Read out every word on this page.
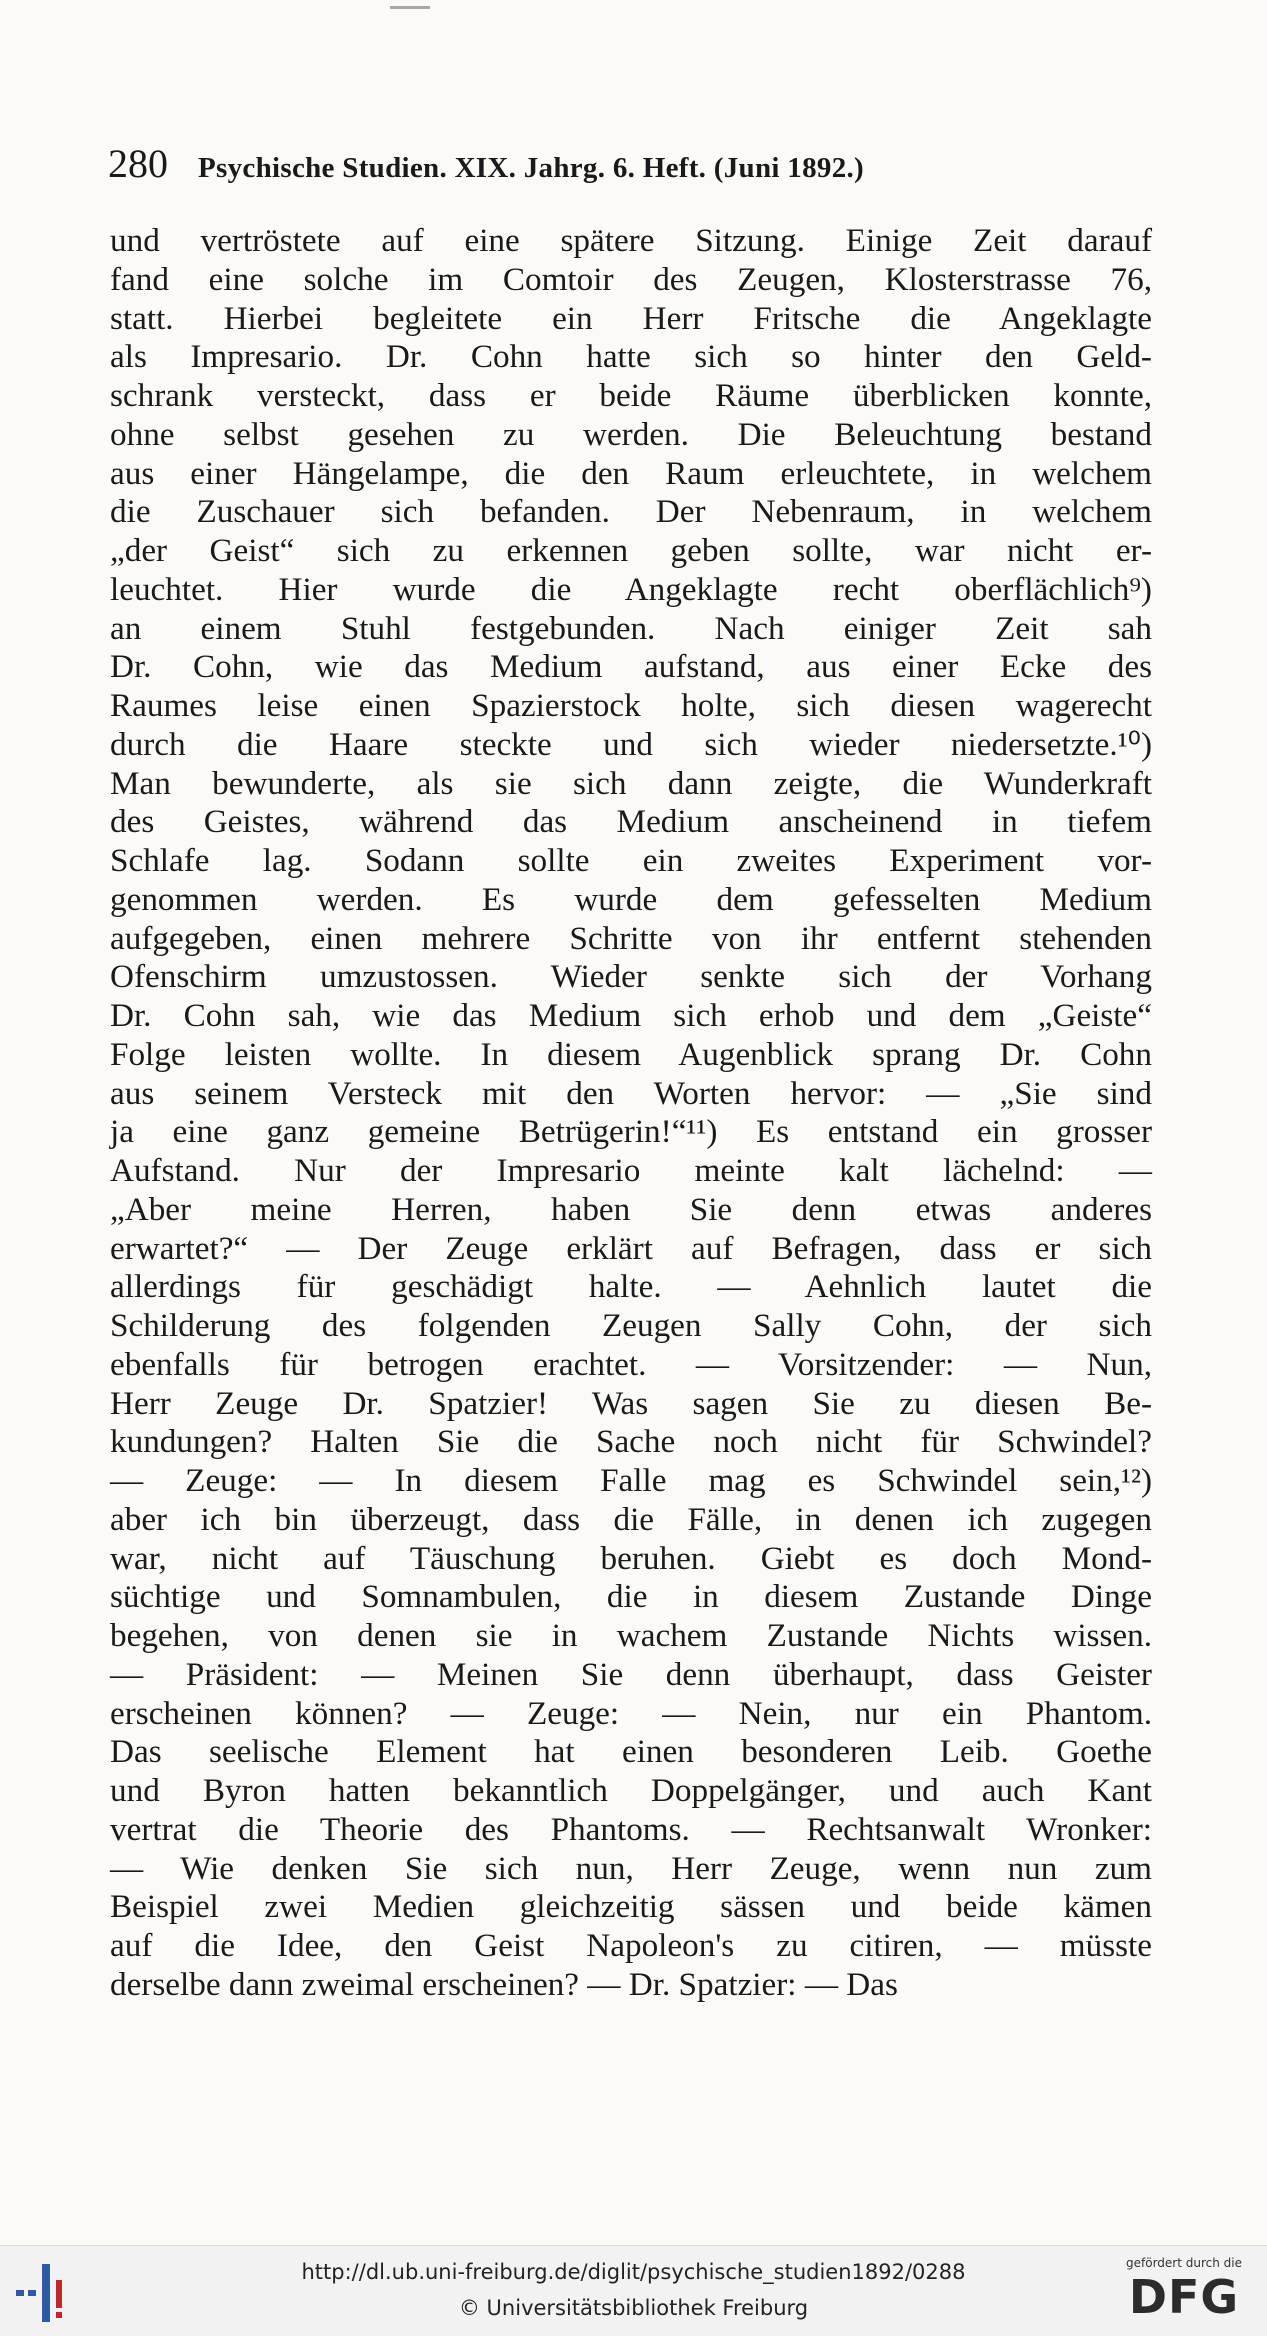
280	Psychische Studien. XIX. Jahrg. 6. Heft. (Juni 1892.)
und vertröstete auf eine spätere Sitzung. Einige Zeit darauf
fand eine solche im Comtoir des Zeugen, Klosterstrasse 76,
statt. Hierbei begleitete ein Herr Fritsche die Angeklagte
als Impresario. Dr. Cohn hatte sich so hinter den Geld-
schrank versteckt, dass er beide Räume überblicken konnte,
ohne selbst gesehen zu werden. Die Beleuchtung bestand
aus einer Hängelampe, die den Raum erleuchtete, in welchem
die Zuschauer sich befanden. Der Nebenraum, in welchem
„der Geist“ sich zu erkennen geben sollte, war nicht er-
leuchtet. Hier wurde die Angeklagte recht oberflächlich⁹)
an einem Stuhl festgebunden. Nach einiger Zeit sah
Dr. Cohn, wie das Medium aufstand, aus einer Ecke des
Raumes leise einen Spazierstock holte, sich diesen wagerecht
durch die Haare steckte und sich wieder niedersetzte.¹⁰)
Man bewunderte, als sie sich dann zeigte, die Wunderkraft
des Geistes, während das Medium anscheinend in tiefem
Schlafe lag. Sodann sollte ein zweites Experiment vor-
genommen werden. Es wurde dem gefesselten Medium
aufgegeben, einen mehrere Schritte von ihr entfernt stehenden
Ofenschirm umzustossen. Wieder senkte sich der Vorhang
Dr. Cohn sah, wie das Medium sich erhob und dem „Geiste“
Folge leisten wollte. In diesem Augenblick sprang Dr. Cohn
aus seinem Versteck mit den Worten hervor: — „Sie sind
ja eine ganz gemeine Betrügerin!“¹¹) Es entstand ein grosser
Aufstand. Nur der Impresario meinte kalt lächelnd: —
„Aber meine Herren, haben Sie denn etwas anderes
erwartet?“ — Der Zeuge erklärt auf Befragen, dass er sich
allerdings für geschädigt halte. — Aehnlich lautet die
Schilderung des folgenden Zeugen Sally Cohn, der sich
ebenfalls für betrogen erachtet. — Vorsitzender: — Nun,
Herr Zeuge Dr. Spatzier! Was sagen Sie zu diesen Be-
kundungen? Halten Sie die Sache noch nicht für Schwindel?
— Zeuge: — In diesem Falle mag es Schwindel sein,¹²)
aber ich bin überzeugt, dass die Fälle, in denen ich zugegen
war, nicht auf Täuschung beruhen. Giebt es doch Mond-
süchtige und Somnambulen, die in diesem Zustande Dinge
begehen, von denen sie in wachem Zustande Nichts wissen.
— Präsident: — Meinen Sie denn überhaupt, dass Geister
erscheinen können? — Zeuge: — Nein, nur ein Phantom.
Das seelische Element hat einen besonderen Leib. Goethe
und Byron hatten bekanntlich Doppelgänger, und auch Kant
vertrat die Theorie des Phantoms. — Rechtsanwalt Wronker:
— Wie denken Sie sich nun, Herr Zeuge, wenn nun zum
Beispiel zwei Medien gleichzeitig sässen und beide kämen
auf die Idee, den Geist Napoleon's zu citiren, — müsste
derselbe dann zweimal erscheinen? — Dr. Spatzier: — Das
http://dl.ub.uni-freiburg.de/diglit/psychische_studien1892/0288
© Universitätsbibliothek Freiburg
gefördert durch die
DFG
